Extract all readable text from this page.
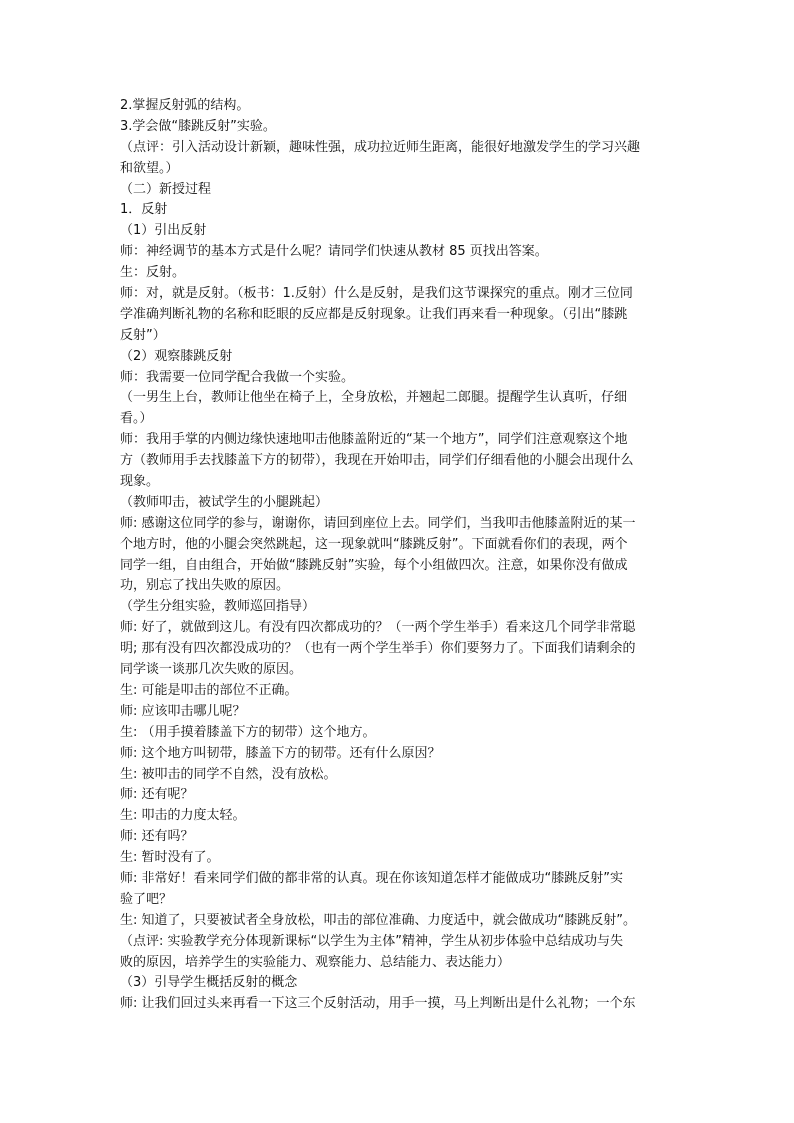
2.掌握反射弧的结构。
3.学会做“膝跳反射”实验。
（点评：引入活动设计新颖，趣味性强，成功拉近师生距离，能很好地激发学生的学习兴趣
和欲望。）
（二）新授过程
1．反射
（1）引出反射
师：神经调节的基本方式是什么呢？请同学们快速从教材 85 页找出答案。
生：反射。
师：对，就是反射。（板书：1.反射）什么是反射，是我们这节课探究的重点。刚才三位同
学准确判断礼物的名称和眨眼的反应都是反射现象。让我们再来看一种现象。（引出“膝跳
反射”）
（2）观察膝跳反射
师：我需要一位同学配合我做一个实验。
（一男生上台，教师让他坐在椅子上，全身放松，并翘起二郎腿。提醒学生认真听，仔细
看。）
师：我用手掌的内侧边缘快速地叩击他膝盖附近的“某一个地方”，同学们注意观察这个地
方（教师用手去找膝盖下方的韧带），我现在开始叩击，同学们仔细看他的小腿会出现什么
现象。
（教师叩击，被试学生的小腿跳起）
师: 感谢这位同学的参与，谢谢你，请回到座位上去。同学们，当我叩击他膝盖附近的某一
个地方时，他的小腿会突然跳起，这一现象就叫“膝跳反射”。下面就看你们的表现，两个
同学一组，自由组合，开始做“膝跳反射”实验，每个小组做四次。注意，如果你没有做成
功，别忘了找出失败的原因。
（学生分组实验，教师巡回指导）
师: 好了，就做到这儿。有没有四次都成功的？（一两个学生举手）看来这几个同学非常聪
明; 那有没有四次都没成功的？（也有一两个学生举手）你们要努力了。下面我们请剩余的
同学谈一谈那几次失败的原因。
生: 可能是叩击的部位不正确。
师: 应该叩击哪儿呢？
生: （用手摸着膝盖下方的韧带）这个地方。
师: 这个地方叫韧带，膝盖下方的韧带。还有什么原因？
生: 被叩击的同学不自然，没有放松。
师: 还有呢？
生: 叩击的力度太轻。
师: 还有吗？
生: 暂时没有了。
师: 非常好！看来同学们做的都非常的认真。现在你该知道怎样才能做成功“膝跳反射”实
验了吧？
生: 知道了，只要被试者全身放松，叩击的部位准确、力度适中，就会做成功“膝跳反射”。
（点评: 实验教学充分体现新课标“以学生为主体”精神，学生从初步体验中总结成功与失
败的原因，培养学生的实验能力、观察能力、总结能力、表达能力）
（3）引导学生概括反射的概念
师: 让我们回过头来再看一下这三个反射活动，用手一摸，马上判断出是什么礼物；一个东
